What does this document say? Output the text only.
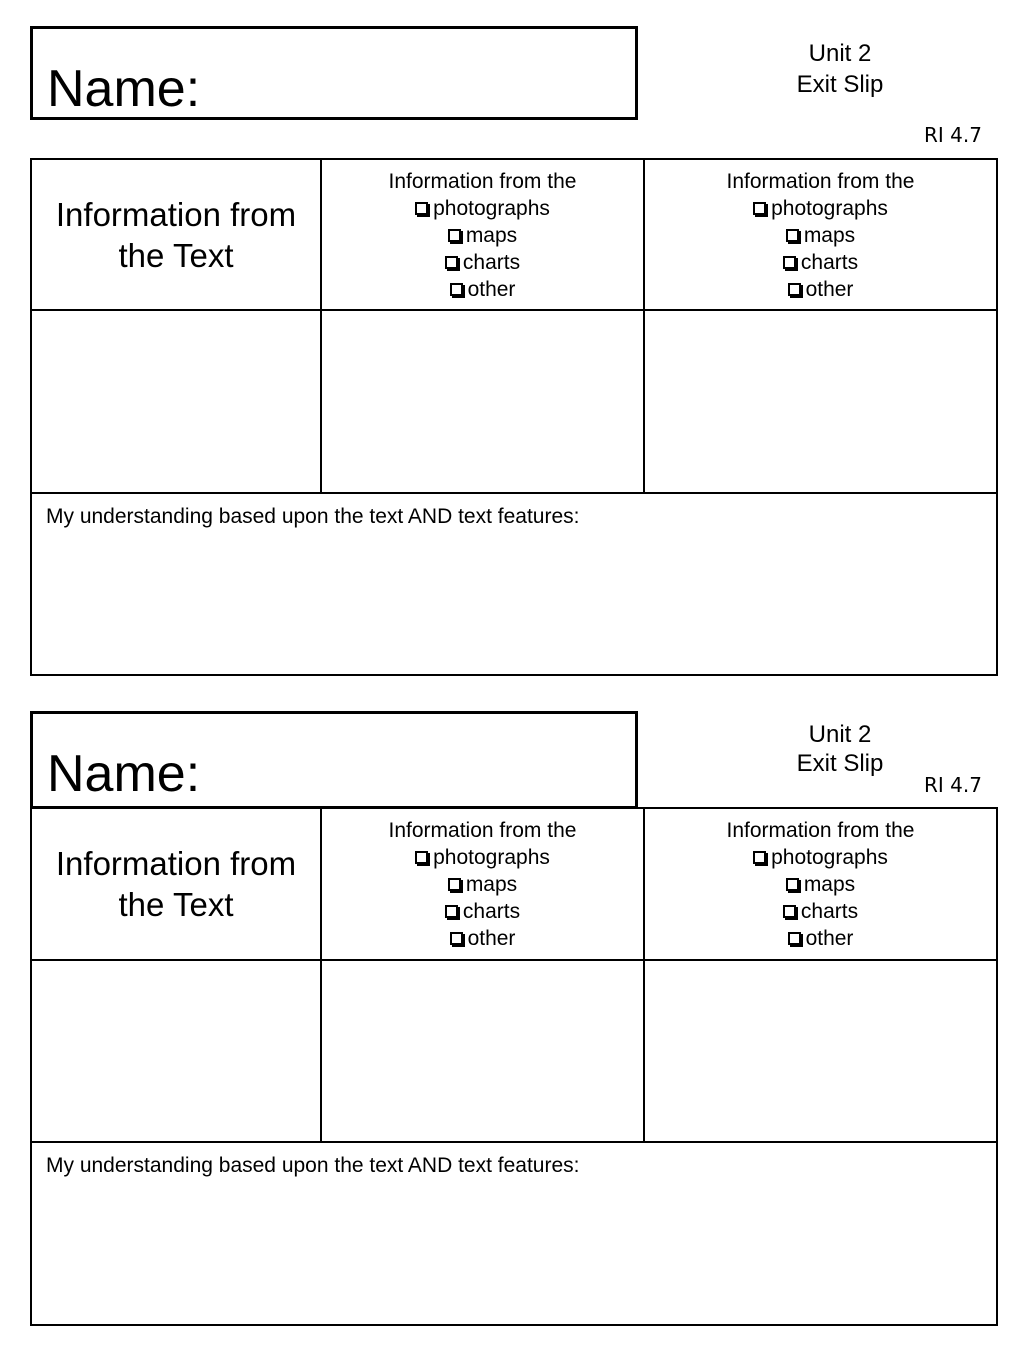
Name:
Unit 2
Exit Slip
RI 4.7
Information from
the Text
Information from the
photographs
maps
charts
other
Information from the
photographs
maps
charts
other
My understanding based upon the text AND text features:
Name:
Unit 2
Exit Slip
RI 4.7
Information from
the Text
Information from the
photographs
maps
charts
other
Information from the
photographs
maps
charts
other
My understanding based upon the text AND text features:
